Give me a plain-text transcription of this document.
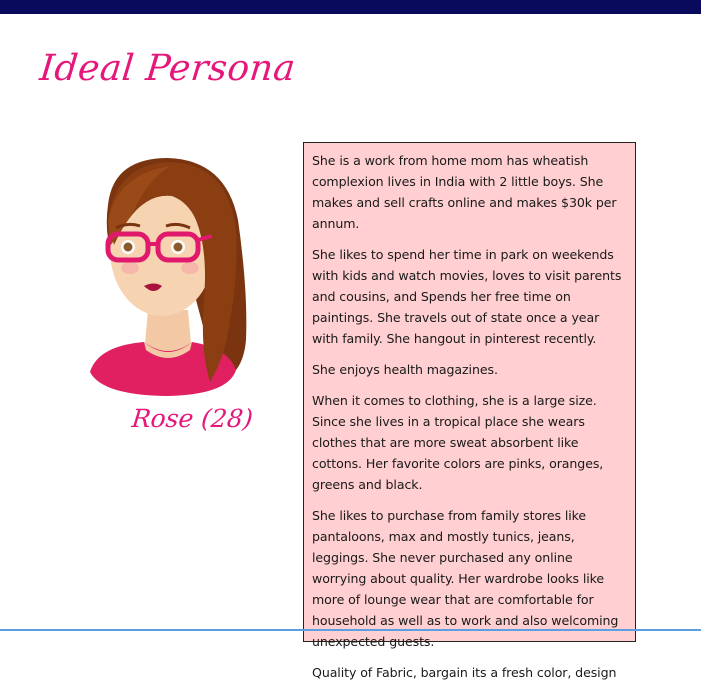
Ideal Persona
Rose (28)

She is a work from home mom has wheatish complexion lives in India with 2 little boys. She makes and sell crafts online and makes $30k per annum.

She likes to spend her time in park on weekends with kids and watch movies, loves to visit parents and cousins, and Spends her free time on paintings. She travels out of state once a year with family. She hangout in pinterest recently.

She enjoys health magazines.

When it comes to clothing, she is a large size. Since she lives in a tropical place she wears clothes that are more sweat absorbent like cottons. Her favorite colors are pinks, oranges, greens and black.

She likes to purchase from family stores like pantaloons, max and mostly tunics, jeans, leggings. She never purchased any online worrying about quality. Her wardrobe looks like more of lounge wear that are comfortable for household as well as to work and also welcoming unexpected guests.

Quality of Fabric, bargain its a fresh color, design
